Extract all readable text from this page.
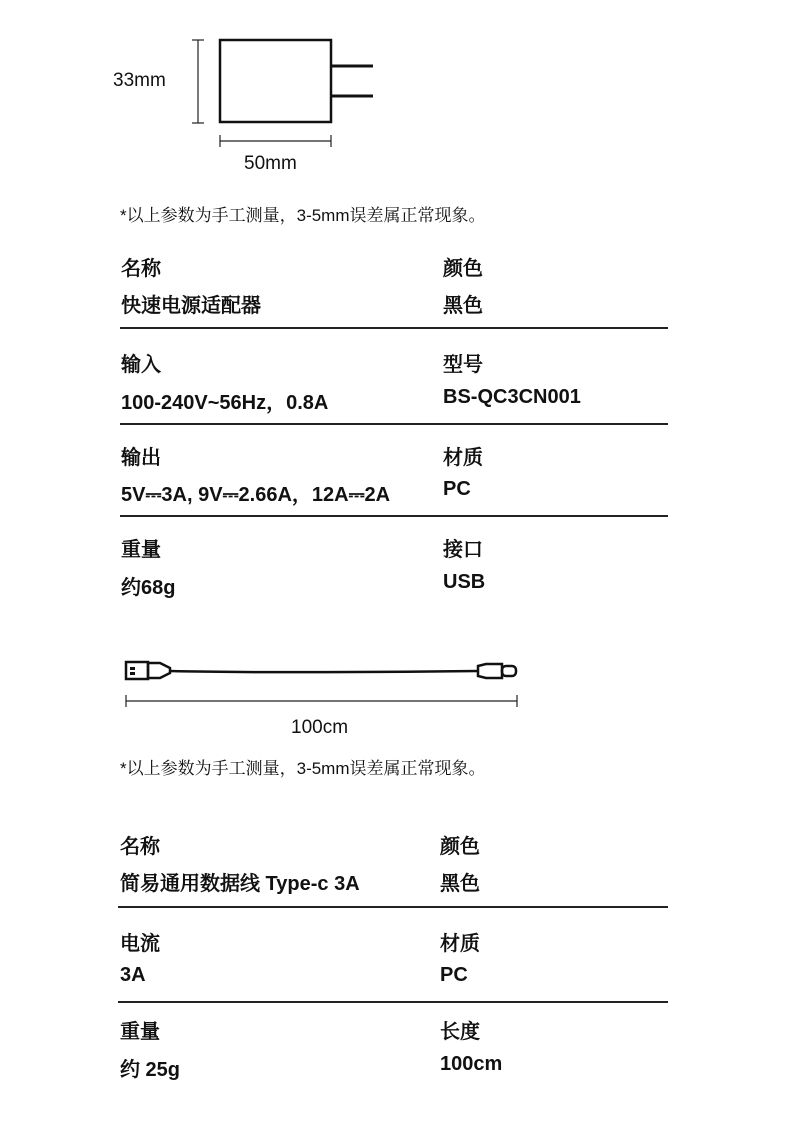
33mm
50mm
*以上参数为手工测量，3-5mm误差属正常现象。
名称
快速电源适配器
颜色
黑色
输入
100-240V~56Hz，0.8A
型号
BS-QC3CN001
输出
5V⎓3A, 9V⎓2.66A，12A⎓2A
材质
PC
重量
约68g
接口
USB
100cm
*以上参数为手工测量，3-5mm误差属正常现象。
名称
简易通用数据线 Type-c 3A
颜色
黑色
电流
3A
材质
PC
重量
约 25g
长度
100cm
